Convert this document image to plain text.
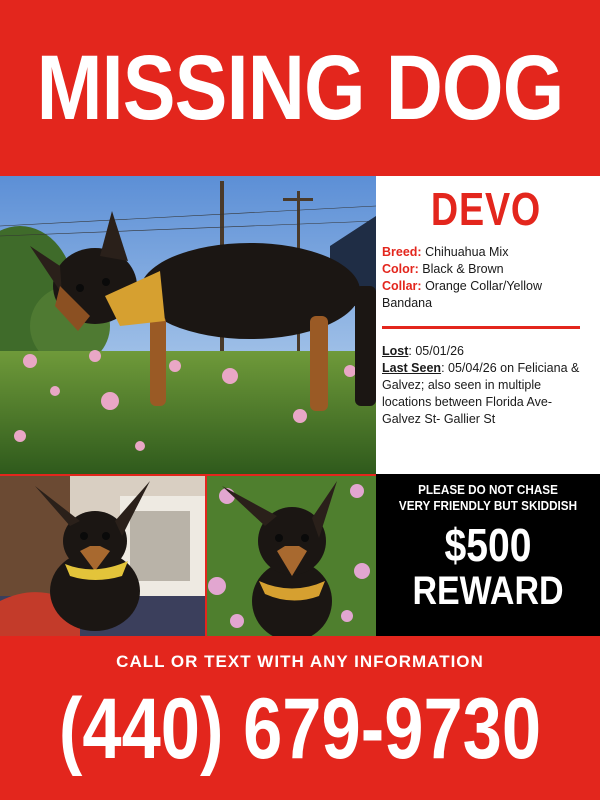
MISSING DOG
DEVO
Breed: Chihuahua Mix
Color: Black & Brown
Collar: Orange Collar/Yellow Bandana
Lost: 05/01/26
Last Seen: 05/04/26 on Feliciana & Galvez; also seen in multiple locations between Florida Ave- Galvez St- Gallier St
PLEASE DO NOT CHASE
VERY FRIENDLY BUT SKIDDISH
$500
REWARD
CALL OR TEXT WITH ANY INFORMATION
(440) 679-9730
